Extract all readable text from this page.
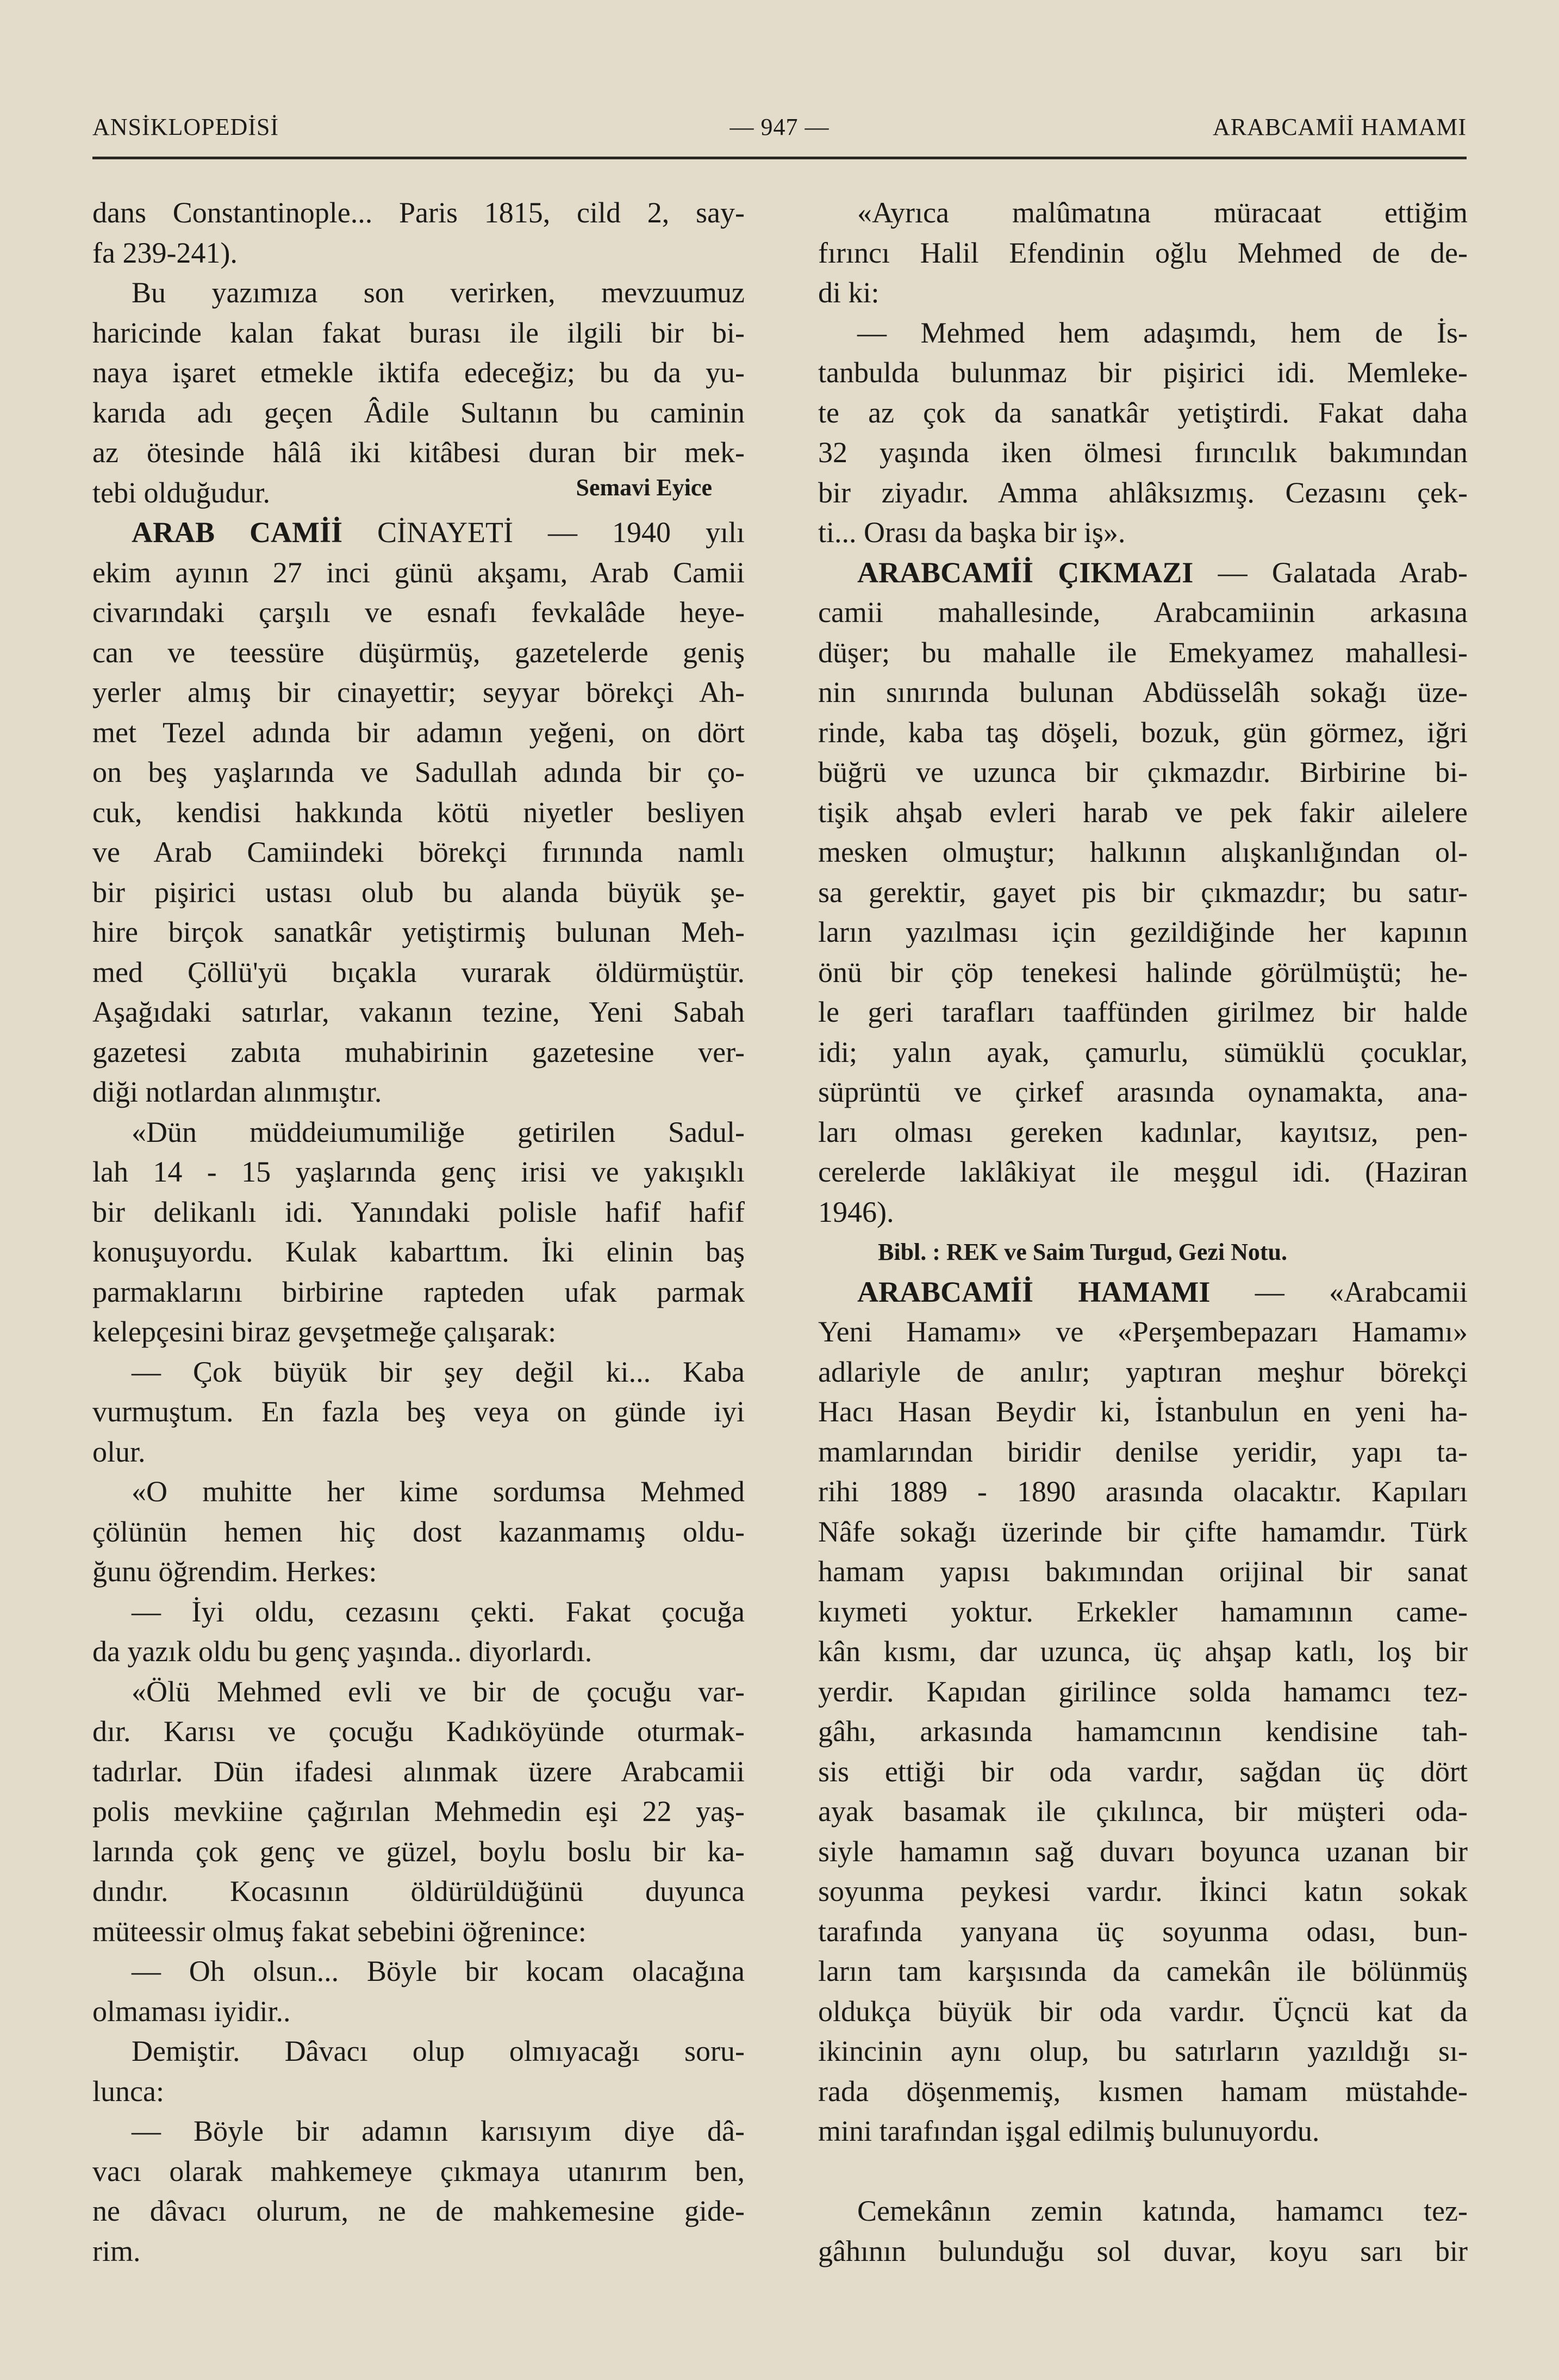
ANSİKLOPEDİSİ	— 947 —	ARABCAMİİ HAMAMI
dans Constantinople... Paris 1815, cild 2, say-
fa 239-241).
Bu yazımıza son verirken, mevzuumuz
haricinde kalan fakat burası ile ilgili bir bi-
naya işaret etmekle iktifa edeceğiz; bu da yu-
karıda adı geçen Âdile Sultanın bu caminin
az ötesinde hâlâ iki kitâbesi duran bir mek-
tebi olduğudur.	Semavi Eyice
ARAB CAMİİ CİNAYETİ — 1940 yılı
ekim ayının 27 inci günü akşamı, Arab Camii
civarındaki çarşılı ve esnafı fevkalâde heye-
can ve teessüre düşürmüş, gazetelerde geniş
yerler almış bir cinayettir; seyyar börekçi Ah-
met Tezel adında bir adamın yeğeni, on dört
on beş yaşlarında ve Sadullah adında bir ço-
cuk, kendisi hakkında kötü niyetler besliyen
ve Arab Camiindeki börekçi fırınında namlı
bir pişirici ustası olub bu alanda büyük şe-
hire birçok sanatkâr yetiştirmiş bulunan Meh-
med Çöllü'yü bıçakla vurarak öldürmüştür.
Aşağıdaki satırlar, vakanın tezine, Yeni Sabah
gazetesi zabıta muhabirinin gazetesine ver-
diği notlardan alınmıştır.
«Dün müddeiumumiliğe getirilen Sadul-
lah 14 - 15 yaşlarında genç irisi ve yakışıklı
bir delikanlı idi. Yanındaki polisle hafif hafif
konuşuyordu. Kulak kabarttım. İki elinin baş
parmaklarını birbirine rapteden ufak parmak
kelepçesini biraz gevşetmeğe çalışarak:
— Çok büyük bir şey değil ki... Kaba
vurmuştum. En fazla beş veya on günde iyi
olur.
«O muhitte her kime sordumsa Mehmed
çölünün hemen hiç dost kazanmamış oldu-
ğunu öğrendim. Herkes:
— İyi oldu, cezasını çekti. Fakat çocuğa
da yazık oldu bu genç yaşında.. diyorlardı.
«Ölü Mehmed evli ve bir de çocuğu var-
dır. Karısı ve çocuğu Kadıköyünde oturmak-
tadırlar. Dün ifadesi alınmak üzere Arabcamii
polis mevkiine çağırılan Mehmedin eşi 22 yaş-
larında çok genç ve güzel, boylu boslu bir ka-
dındır. Kocasının öldürüldüğünü duyunca
müteessir olmuş fakat sebebini öğrenince:
— Oh olsun... Böyle bir kocam olacağına
olmaması iyidir..
Demiştir. Dâvacı olup olmıyacağı soru-
lunca:
— Böyle bir adamın karısıyım diye dâ-
vacı olarak mahkemeye çıkmaya utanırım ben,
ne dâvacı olurum, ne de mahkemesine gide-
rim.
«Ayrıca malûmatına müracaat ettiğim
fırıncı Halil Efendinin oğlu Mehmed de de-
di ki:
— Mehmed hem adaşımdı, hem de İs-
tanbulda bulunmaz bir pişirici idi. Memleke-
te az çok da sanatkâr yetiştirdi. Fakat daha
32 yaşında iken ölmesi fırıncılık bakımından
bir ziyadır. Amma ahlâksızmış. Cezasını çek-
ti... Orası da başka bir iş».
ARABCAMİİ ÇIKMAZI — Galatada Arab-
camii mahallesinde, Arabcamiinin arkasına
düşer; bu mahalle ile Emekyamez mahallesi-
nin sınırında bulunan Abdüsselâh sokağı üze-
rinde, kaba taş döşeli, bozuk, gün görmez, iğri
büğrü ve uzunca bir çıkmazdır. Birbirine bi-
tişik ahşab evleri harab ve pek fakir ailelere
mesken olmuştur; halkının alışkanlığından ol-
sa gerektir, gayet pis bir çıkmazdır; bu satır-
ların yazılması için gezildiğinde her kapının
önü bir çöp tenekesi halinde görülmüştü; he-
le geri tarafları taaffünden girilmez bir halde
idi; yalın ayak, çamurlu, sümüklü çocuklar,
süprüntü ve çirkef arasında oynamakta, ana-
ları olması gereken kadınlar, kayıtsız, pen-
cerelerde laklâkiyat ile meşgul idi. (Haziran
1946).
Bibl. : REK ve Saim Turgud, Gezi Notu.
ARABCAMİİ HAMAMI — «Arabcamii
Yeni Hamamı» ve «Perşembepazarı Hamamı»
adlariyle de anılır; yaptıran meşhur börekçi
Hacı Hasan Beydir ki, İstanbulun en yeni ha-
mamlarından biridir denilse yeridir, yapı ta-
rihi 1889 - 1890 arasında olacaktır. Kapıları
Nâfe sokağı üzerinde bir çifte hamamdır. Türk
hamam yapısı bakımından orijinal bir sanat
kıymeti yoktur. Erkekler hamamının came-
kân kısmı, dar uzunca, üç ahşap katlı, loş bir
yerdir. Kapıdan girilince solda hamamcı tez-
gâhı, arkasında hamamcının kendisine tah-
sis ettiği bir oda vardır, sağdan üç dört
ayak basamak ile çıkılınca, bir müşteri oda-
siyle hamamın sağ duvarı boyunca uzanan bir
soyunma peykesi vardır. İkinci katın sokak
tarafında yanyana üç soyunma odası, bun-
ların tam karşısında da camekân ile bölünmüş
oldukça büyük bir oda vardır. Üçncü kat da
ikincinin aynı olup, bu satırların yazıldığı sı-
rada döşenmemiş, kısmen hamam müstahde-
mini tarafından işgal edilmiş bulunuyordu.
Cemekânın zemin katında, hamamcı tez-
gâhının bulunduğu sol duvar, koyu sarı bir
